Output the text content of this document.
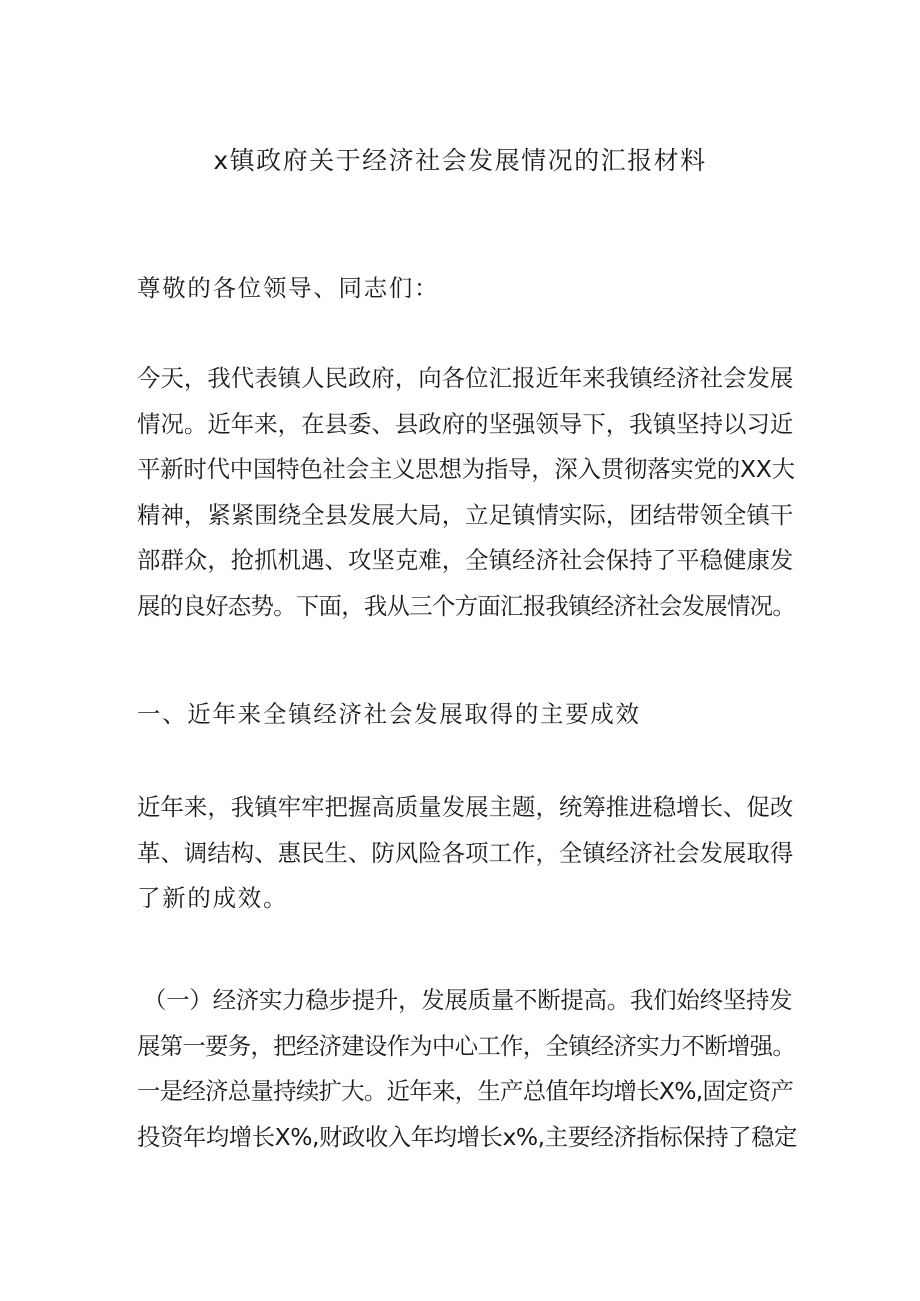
x镇政府关于经济社会发展情况的汇报材料

尊敬的各位领导、同志们：

今天，我代表镇人民政府，向各位汇报近年来我镇经济社会发展
情况。近年来，在县委、县政府的坚强领导下，我镇坚持以习近
平新时代中国特色社会主义思想为指导，深入贯彻落实党的XX大
精神，紧紧围绕全县发展大局，立足镇情实际，团结带领全镇干
部群众，抢抓机遇、攻坚克难，全镇经济社会保持了平稳健康发
展的良好态势。下面，我从三个方面汇报我镇经济社会发展情况。

一、近年来全镇经济社会发展取得的主要成效

近年来，我镇牢牢把握高质量发展主题，统筹推进稳增长、促改
革、调结构、惠民生、防风险各项工作，全镇经济社会发展取得
了新的成效。

（一）经济实力稳步提升，发展质量不断提高。我们始终坚持发
展第一要务，把经济建设作为中心工作，全镇经济实力不断增强。
一是经济总量持续扩大。近年来，生产总值年均增长X%,固定资产
投资年均增长X%,财政收入年均增长x%,主要经济指标保持了稳定
